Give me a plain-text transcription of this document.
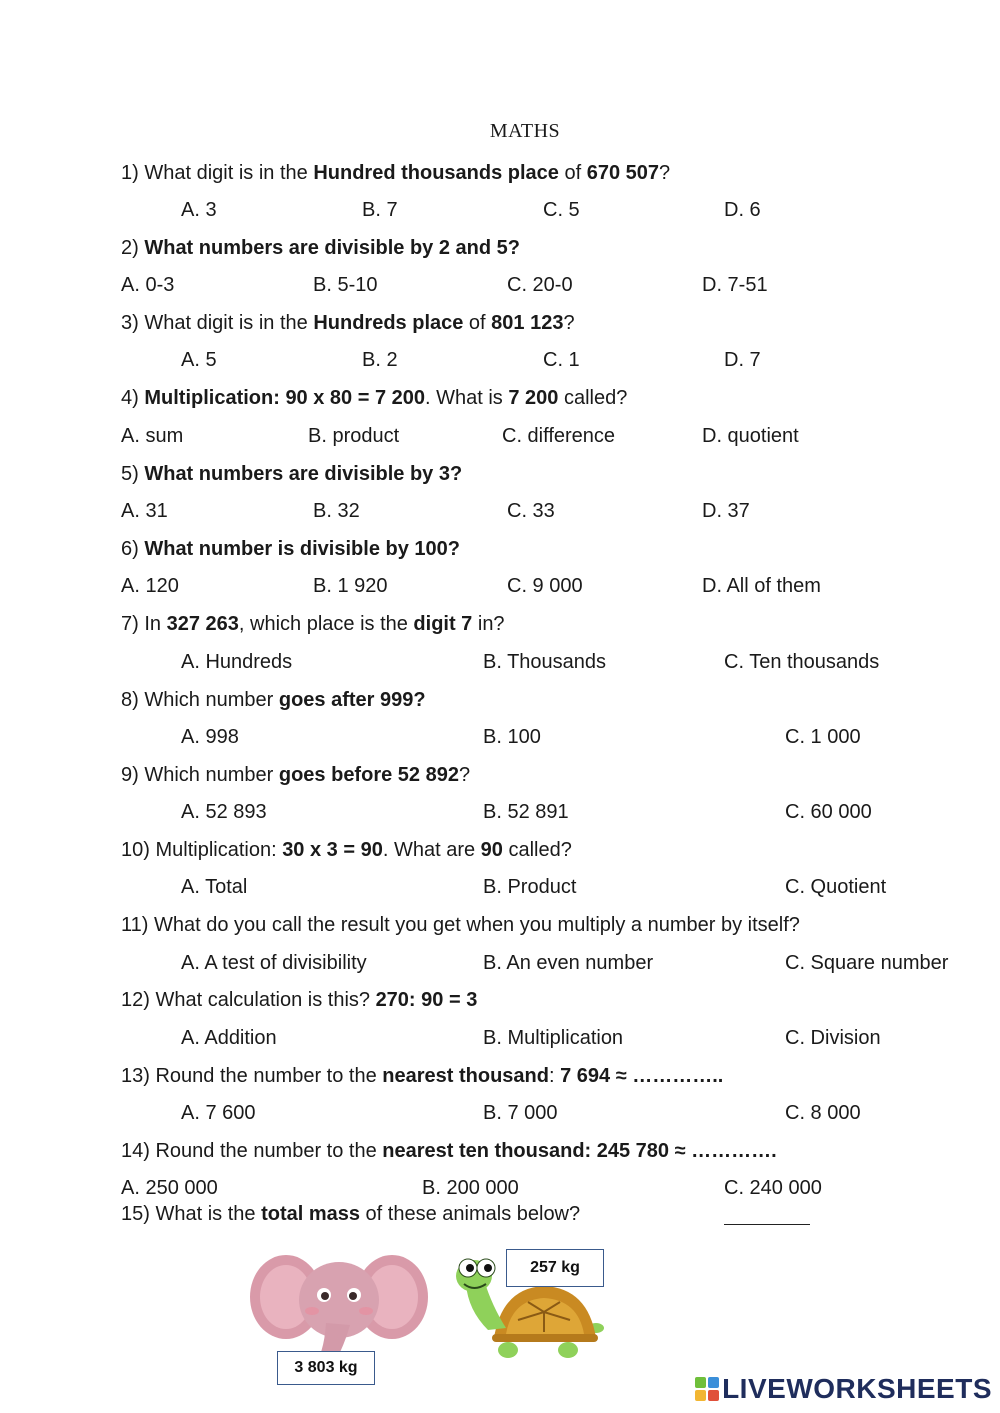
MATHS
1) What digit is in the Hundred thousands place of 670 507?
A. 3	B. 7	C. 5	D. 6
2) What numbers are divisible by 2 and 5?
A. 0-3	B. 5-10	C. 20-0	D. 7-51
3) What digit is in the Hundreds place of 801 123?
A. 5	B. 2	C. 1	D. 7
4) Multiplication: 90 x 80 = 7 200. What is 7 200 called?
A. sum	B. product	C. difference	D. quotient
5) What numbers are divisible by 3?
A. 31	B. 32	C. 33	D. 37
6) What number is divisible by 100?
A. 120	B. 1 920	C. 9 000	D. All of them
7) In 327 263, which place is the digit 7 in?
A. Hundreds	B. Thousands	C. Ten thousands
8) Which number goes after 999?
A. 998	B. 100	C. 1 000
9) Which number goes before 52 892?
A. 52 893	B. 52 891	C. 60 000
10) Multiplication: 30 x 3 = 90. What are 90 called?
A. Total	B. Product	C. Quotient
11) What do you call the result you get when you multiply a number by itself?
A. A test of divisibility	B. An even number	C. Square number
12) What calculation is this? 270: 90 = 3
A. Addition	B. Multiplication	C. Division
13) Round the number to the nearest thousand: 7 694 ≈ …………..
A. 7 600	B. 7 000	C. 8 000
14) Round the number to the nearest ten thousand: 245 780 ≈ ………….
A. 250 000	B. 200 000	C. 240 000
15) What is the total mass of these animals below?
3 803 kg
257 kg
LIVEWORKSHEETS
